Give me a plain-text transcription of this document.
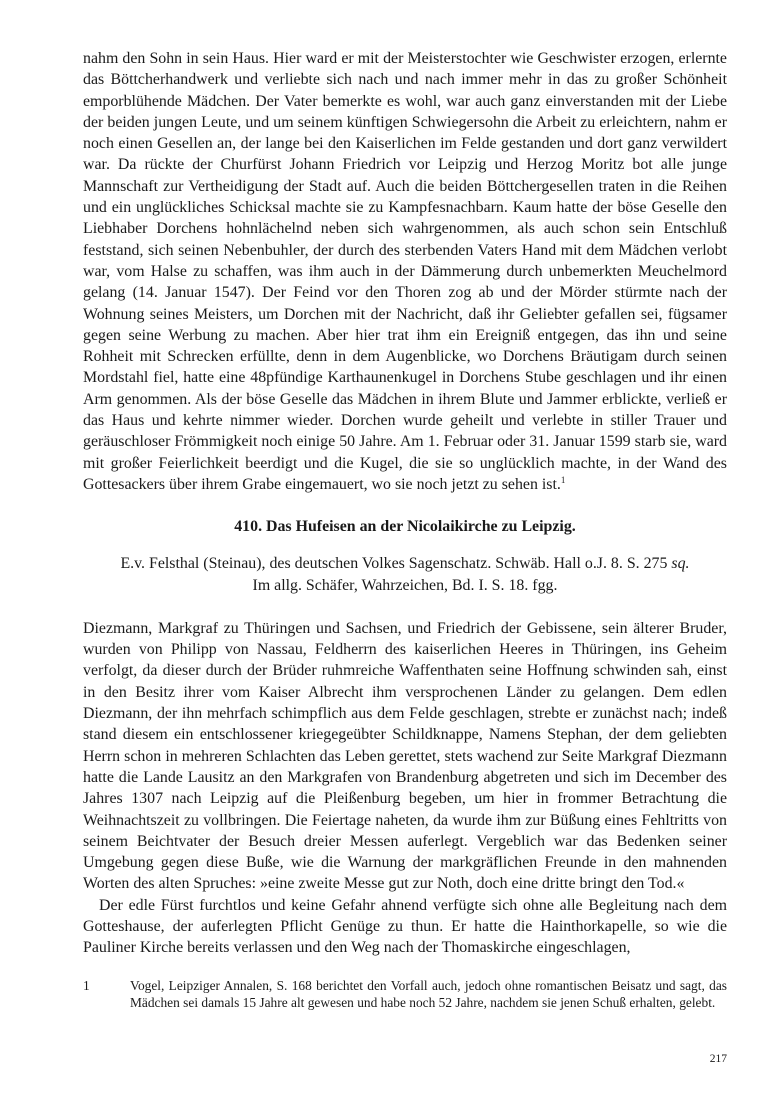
nahm den Sohn in sein Haus. Hier ward er mit der Meisterstochter wie Geschwister erzogen, erlernte das Böttcherhandwerk und verliebte sich nach und nach immer mehr in das zu großer Schönheit emporblühende Mädchen. Der Vater bemerkte es wohl, war auch ganz einverstanden mit der Liebe der beiden jungen Leute, und um seinem künftigen Schwiegersohn die Arbeit zu erleichtern, nahm er noch einen Gesellen an, der lange bei den Kaiserlichen im Felde gestanden und dort ganz verwildert war. Da rückte der Churfürst Johann Friedrich vor Leipzig und Herzog Moritz bot alle junge Mannschaft zur Vertheidigung der Stadt auf. Auch die beiden Böttchergesellen traten in die Reihen und ein unglückliches Schicksal machte sie zu Kampfesnachbarn. Kaum hatte der böse Geselle den Liebhaber Dorchens hohnlächelnd neben sich wahrgenommen, als auch schon sein Entschluß feststand, sich seinen Nebenbuhler, der durch des sterbenden Vaters Hand mit dem Mädchen verlobt war, vom Halse zu schaffen, was ihm auch in der Dämmerung durch unbemerkten Meuchelmord gelang (14. Januar 1547). Der Feind vor den Thoren zog ab und der Mörder stürmte nach der Wohnung seines Meisters, um Dorchen mit der Nachricht, daß ihr Geliebter gefallen sei, fügsamer gegen seine Werbung zu machen. Aber hier trat ihm ein Ereigniß entgegen, das ihn und seine Rohheit mit Schrecken erfüllte, denn in dem Augenblicke, wo Dorchens Bräutigam durch seinen Mordstahl fiel, hatte eine 48pfündige Karthaunenkugel in Dorchens Stube geschlagen und ihr einen Arm genommen. Als der böse Geselle das Mädchen in ihrem Blute und Jammer erblickte, verließ er das Haus und kehrte nimmer wieder. Dorchen wurde geheilt und verlebte in stiller Trauer und geräuschloser Frömmigkeit noch einige 50 Jahre. Am 1. Februar oder 31. Januar 1599 starb sie, ward mit großer Feierlichkeit beerdigt und die Kugel, die sie so unglücklich machte, in der Wand des Gottesackers über ihrem Grabe eingemauert, wo sie noch jetzt zu sehen ist.$^1$

410. Das Hufeisen an der Nicolaikirche zu Leipzig.
E.v. Felsthal (Steinau), des deutschen Volkes Sagenschatz. Schwäb. Hall o.J. 8. S. 275 sq.
Im allg. Schäfer, Wahrzeichen, Bd. I. S. 18. fgg.

Diezmann, Markgraf zu Thüringen und Sachsen, und Friedrich der Gebissene, sein älterer Bruder, wurden von Philipp von Nassau, Feldherrn des kaiserlichen Heeres in Thüringen, ins Geheim verfolgt, da dieser durch der Brüder ruhmreiche Waffenthaten seine Hoffnung schwinden sah, einst in den Besitz ihrer vom Kaiser Albrecht ihm versprochenen Länder zu gelangen. Dem edlen Diezmann, der ihn mehrfach schimpflich aus dem Felde geschlagen, strebte er zunächst nach; indeß stand diesem ein entschlossener kriegegeübter Schildknappe, Namens Stephan, der dem geliebten Herrn schon in mehreren Schlachten das Leben gerettet, stets wachend zur Seite Markgraf Diezmann hatte die Lande Lausitz an den Markgrafen von Brandenburg abgetreten und sich im December des Jahres 1307 nach Leipzig auf die Pleißenburg begeben, um hier in frommer Betrachtung die Weihnachtszeit zu vollbringen. Die Feiertage naheten, da wurde ihm zur Büßung eines Fehltritts von seinem Beichtvater der Besuch dreier Messen auferlegt. Vergeblich war das Bedenken seiner Umgebung gegen diese Buße, wie die Warnung der markgräflichen Freunde in den mahnenden Worten des alten Spruches: »eine zweite Messe gut zur Noth, doch eine dritte bringt den Tod.«

Der edle Fürst furchtlos und keine Gefahr ahnend verfügte sich ohne alle Begleitung nach dem Gotteshause, der auferlegten Pflicht Genüge zu thun. Er hatte die Hainthorkapelle, so wie die Pauliner Kirche bereits verlassen und den Weg nach der Thomaskirche eingeschlagen,

1	Vogel, Leipziger Annalen, S. 168 berichtet den Vorfall auch, jedoch ohne romantischen Beisatz und sagt, das Mädchen sei damals 15 Jahre alt gewesen und habe noch 52 Jahre, nachdem sie jenen Schuß erhalten, gelebt.
217
